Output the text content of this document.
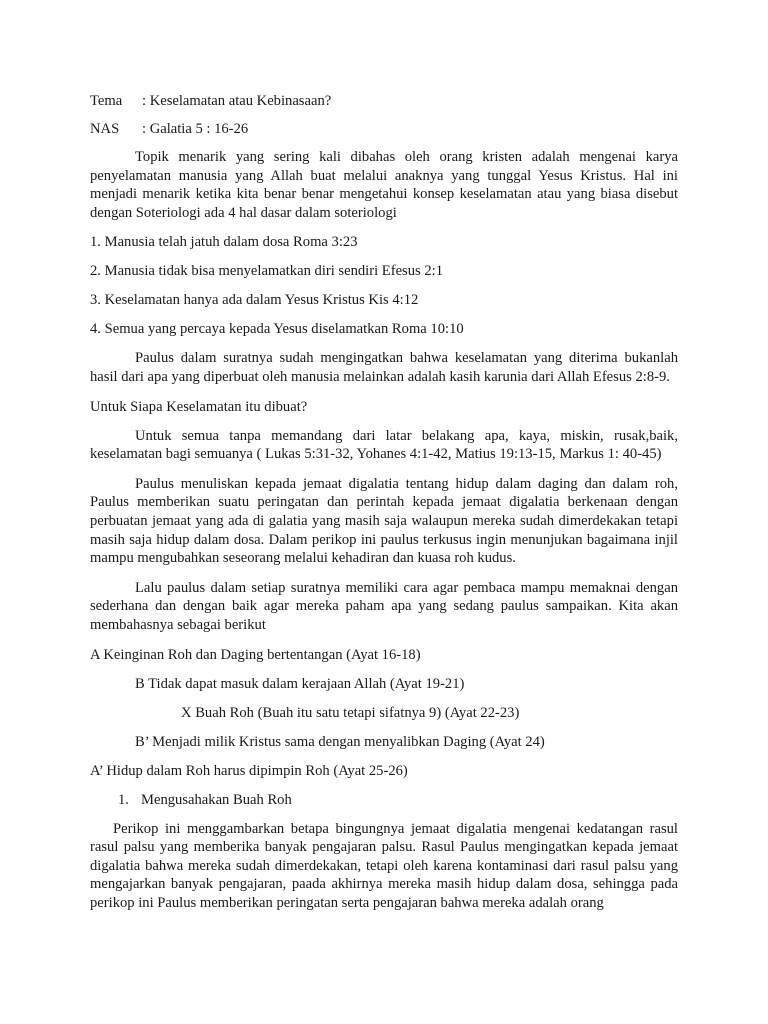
Tema : Keselamatan atau Kebinasaan?

NAS : Galatia 5 : 16-26

Topik menarik yang sering kali dibahas oleh orang kristen adalah mengenai karya penyelamatan manusia yang Allah buat melalui anaknya yang tunggal Yesus Kristus. Hal ini menjadi menarik ketika kita benar benar mengetahui konsep keselamatan atau yang biasa disebut dengan Soteriologi ada 4 hal dasar dalam soteriologi

1. Manusia telah jatuh dalam dosa Roma 3:23

2. Manusia tidak bisa menyelamatkan diri sendiri Efesus 2:1

3. Keselamatan hanya ada dalam Yesus Kristus Kis 4:12

4. Semua yang percaya kepada Yesus diselamatkan Roma 10:10

Paulus dalam suratnya sudah mengingatkan bahwa keselamatan yang diterima bukanlah hasil dari apa yang diperbuat oleh manusia melainkan adalah kasih karunia dari Allah Efesus 2:8-9.

Untuk Siapa Keselamatan itu dibuat?

Untuk semua tanpa memandang dari latar belakang apa, kaya, miskin, rusak,baik, keselamatan bagi semuanya ( Lukas 5:31-32, Yohanes 4:1-42, Matius 19:13-15, Markus 1: 40-45)

Paulus menuliskan kepada jemaat digalatia tentang hidup dalam daging dan dalam roh, Paulus memberikan suatu peringatan dan perintah kepada jemaat digalatia berkenaan dengan perbuatan jemaat yang ada di galatia yang masih saja walaupun mereka sudah dimerdekakan tetapi masih saja hidup dalam dosa. Dalam perikop ini paulus terkusus ingin menunjukan bagaimana injil mampu mengubahkan seseorang melalui kehadiran dan kuasa roh kudus.

Lalu paulus dalam setiap suratnya memiliki cara agar pembaca mampu memaknai dengan sederhana dan dengan baik agar mereka paham apa yang sedang paulus sampaikan. Kita akan membahasnya sebagai berikut

A Keinginan Roh dan Daging bertentangan (Ayat 16-18)

B Tidak dapat masuk dalam kerajaan Allah (Ayat 19-21)

X Buah Roh (Buah itu satu tetapi sifatnya 9) (Ayat 22-23)

B’ Menjadi milik Kristus sama dengan menyalibkan Daging (Ayat 24)

A’ Hidup dalam Roh harus dipimpin Roh (Ayat 25-26)

1. Mengusahakan Buah Roh

Perikop ini menggambarkan betapa bingungnya jemaat digalatia mengenai kedatangan rasul rasul palsu yang memberika banyak pengajaran palsu. Rasul Paulus mengingatkan kepada jemaat digalatia bahwa mereka sudah dimerdekakan, tetapi oleh karena kontaminasi dari rasul palsu yang mengajarkan banyak pengajaran, paada akhirnya mereka masih hidup dalam dosa, sehingga pada perikop ini Paulus memberikan peringatan serta pengajaran bahwa mereka adalah orang
